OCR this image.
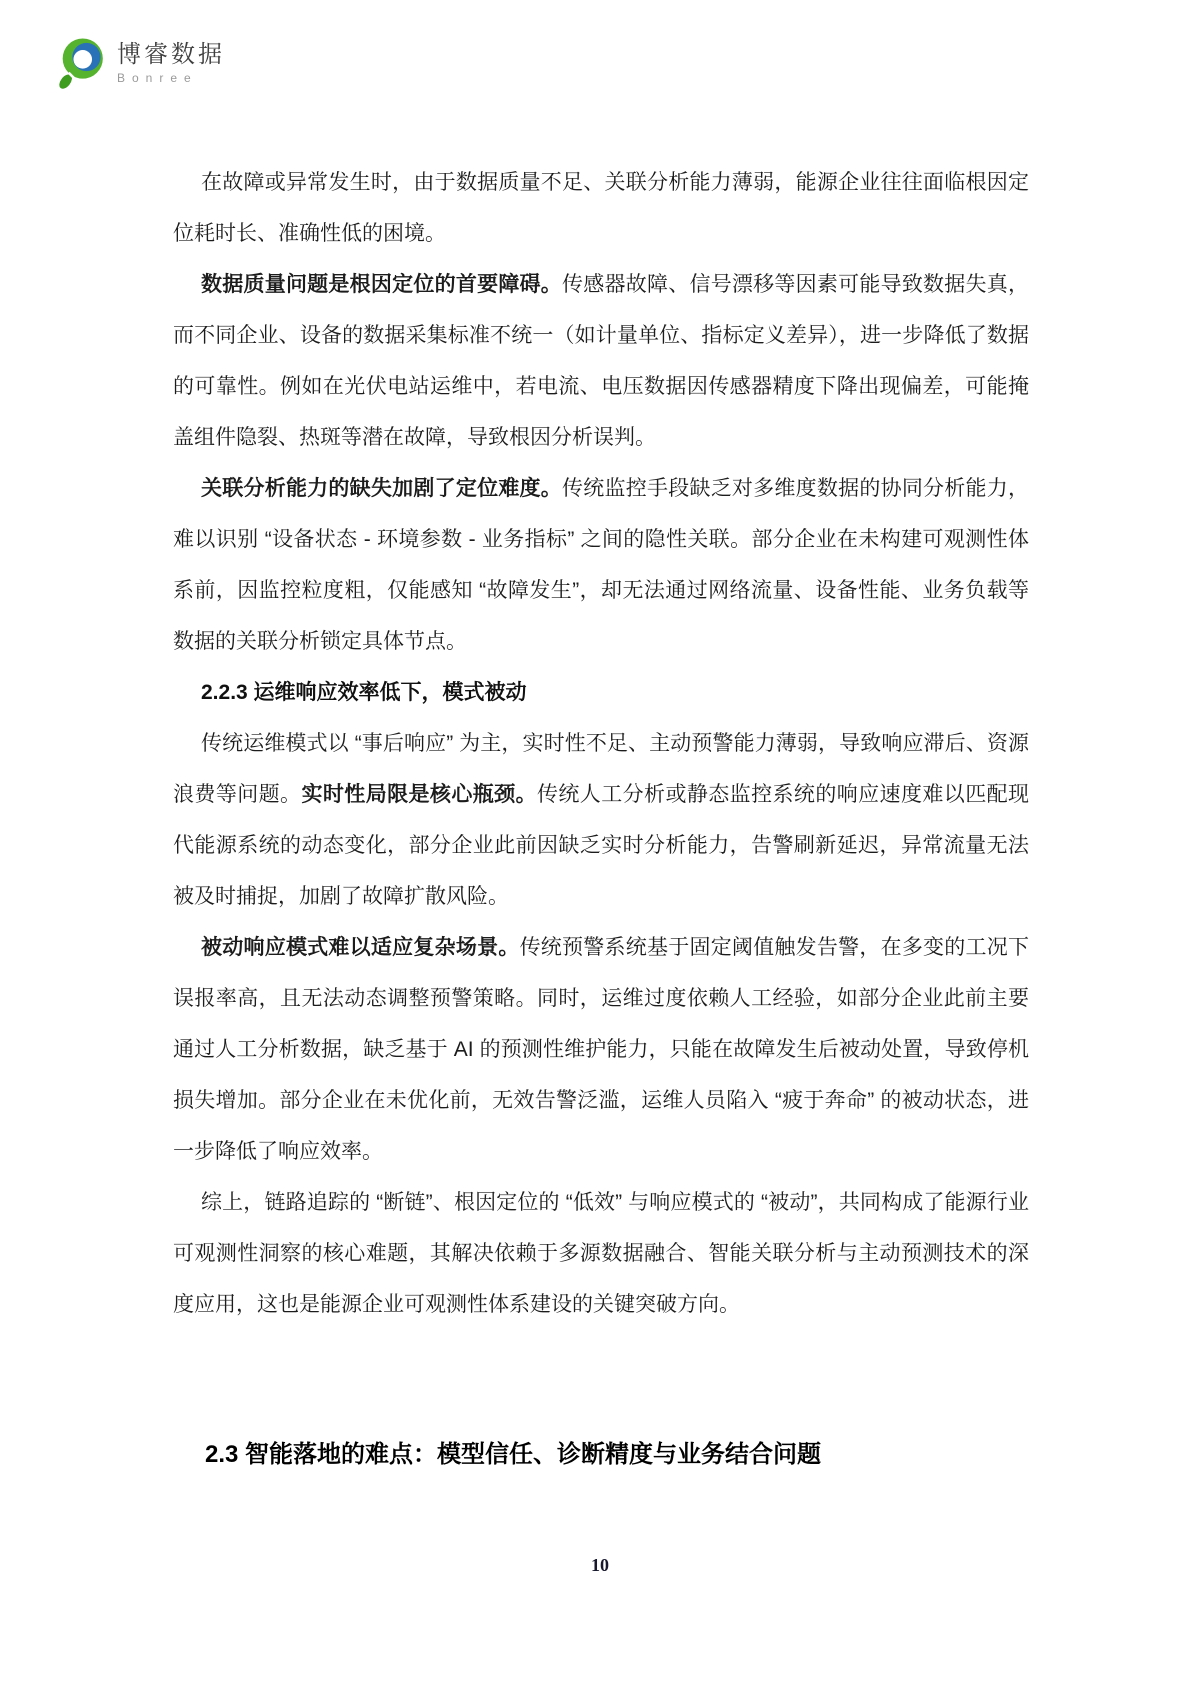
博睿数据
Bonree

在故障或异常发生时，由于数据质量不足、关联分析能力薄弱，能源企业往往面临根因定位耗时长、准确性低的困境。

数据质量问题是根因定位的首要障碍。传感器故障、信号漂移等因素可能导致数据失真，而不同企业、设备的数据采集标准不统一（如计量单位、指标定义差异），进一步降低了数据的可靠性。例如在光伏电站运维中，若电流、电压数据因传感器精度下降出现偏差，可能掩盖组件隐裂、热斑等潜在故障，导致根因分析误判。

关联分析能力的缺失加剧了定位难度。传统监控手段缺乏对多维度数据的协同分析能力，难以识别 “设备状态 - 环境参数 - 业务指标” 之间的隐性关联。部分企业在未构建可观测性体系前，因监控粒度粗，仅能感知 “故障发生”，却无法通过网络流量、设备性能、业务负载等数据的关联分析锁定具体节点。

2.2.3 运维响应效率低下，模式被动

传统运维模式以 “事后响应” 为主，实时性不足、主动预警能力薄弱，导致响应滞后、资源浪费等问题。实时性局限是核心瓶颈。传统人工分析或静态监控系统的响应速度难以匹配现代能源系统的动态变化，部分企业此前因缺乏实时分析能力，告警刷新延迟，异常流量无法被及时捕捉，加剧了故障扩散风险。

被动响应模式难以适应复杂场景。传统预警系统基于固定阈值触发告警，在多变的工况下误报率高，且无法动态调整预警策略。同时，运维过度依赖人工经验，如部分企业此前主要通过人工分析数据，缺乏基于 AI 的预测性维护能力，只能在故障发生后被动处置，导致停机损失增加。部分企业在未优化前，无效告警泛滥，运维人员陷入 “疲于奔命” 的被动状态，进一步降低了响应效率。

综上，链路追踪的 “断链”、根因定位的 “低效” 与响应模式的 “被动”，共同构成了能源行业可观测性洞察的核心难题，其解决依赖于多源数据融合、智能关联分析与主动预测技术的深度应用，这也是能源企业可观测性体系建设的关键突破方向。

2.3 智能落地的难点：模型信任、诊断精度与业务结合问题

10
